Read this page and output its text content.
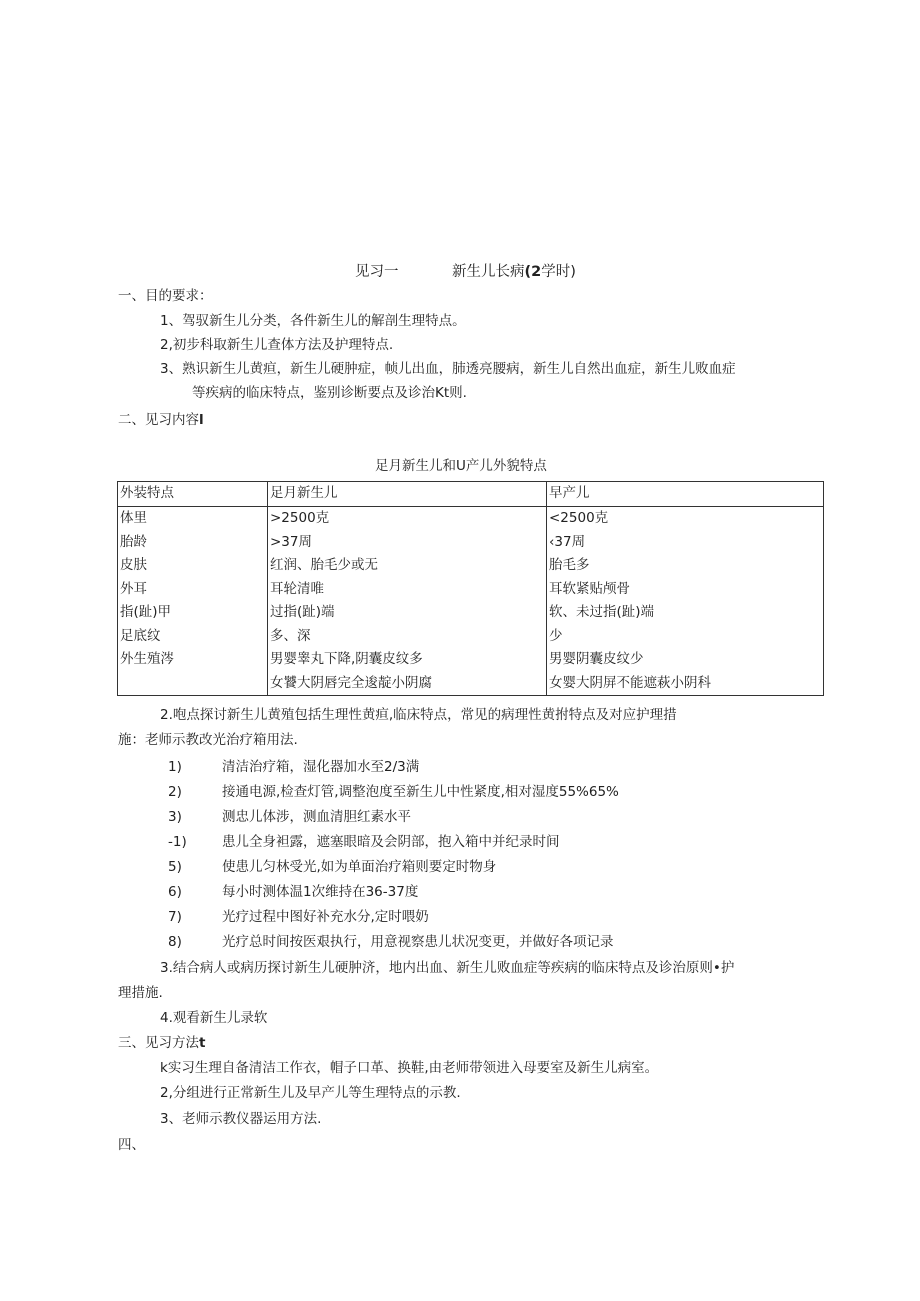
见习一	新生儿长病(2学时)
一、目的要求：
1、驾驭新生儿分类，各件新生儿的解剖生理特点。
2,初步科取新生儿查体方法及护理特点.
3、熟识新生儿黄疸，新生儿硬肿症，帧儿出血，肺透亮腰病，新生儿自然出血症，新生儿败血症
等疾病的临床特点，鉴别诊断要点及诊治Kt则.
二、见习内容l
足月新生儿和U产儿外貌特点
外装特点	足月新生儿	早产儿
体里	>2500克	<2500克
胎龄	>37周	‹37周
皮肤	红润、胎毛少或无	胎毛多
外耳	耳轮清唯	耳软紧贴颅骨
指(趾)甲	过指(趾)端	软、未过指(趾)端
足底纹	多、深	少
外生殖涔	男婴睾丸下降,阴囊皮纹多	男婴阴囊皮纹少
	女饕大阴唇完全逡靛小阴腐	女婴大阴屏不能遮萩小阴科
2.咆点探讨新生儿黄殖包括生理性黄疸,临床特点，常见的病理性黄拊特点及对应护理措
施：老师示教改光治疗箱用法.
1)	清洁治疗箱，湿化器加水至2/3满
2)	接通电源,检查灯管,调整泡度至新生儿中性紧度,相对湿度55%65%
3)	测忠儿体涉，测血清胆红素水平
-1)	患儿全身袒露，遮塞眼暗及会阴部，抱入箱中并纪录时间
5)	使患儿匀林受光,如为单面治疗箱则要定时物身
6)	每小时测体温1次维持在36-37度
7)	光疗过程中图好补充水分,定时喂奶
8)	光疗总时间按医艰执行，用意视察患儿状况变更，并做好各项记录
3.结合病人或病历探讨新生儿硬肿济，地内出血、新生儿败血症等疾病的临床特点及诊治原则•护
理措施.
4.观看新生儿录软
三、见习方法t
k实习生理自备清洁工作衣，帽子口革、换鞋,由老师带领进入母要室及新生儿病室。
2,分组进行正常新生儿及早产儿等生理特点的示教.
3、老师示教仪器运用方法.
四、
